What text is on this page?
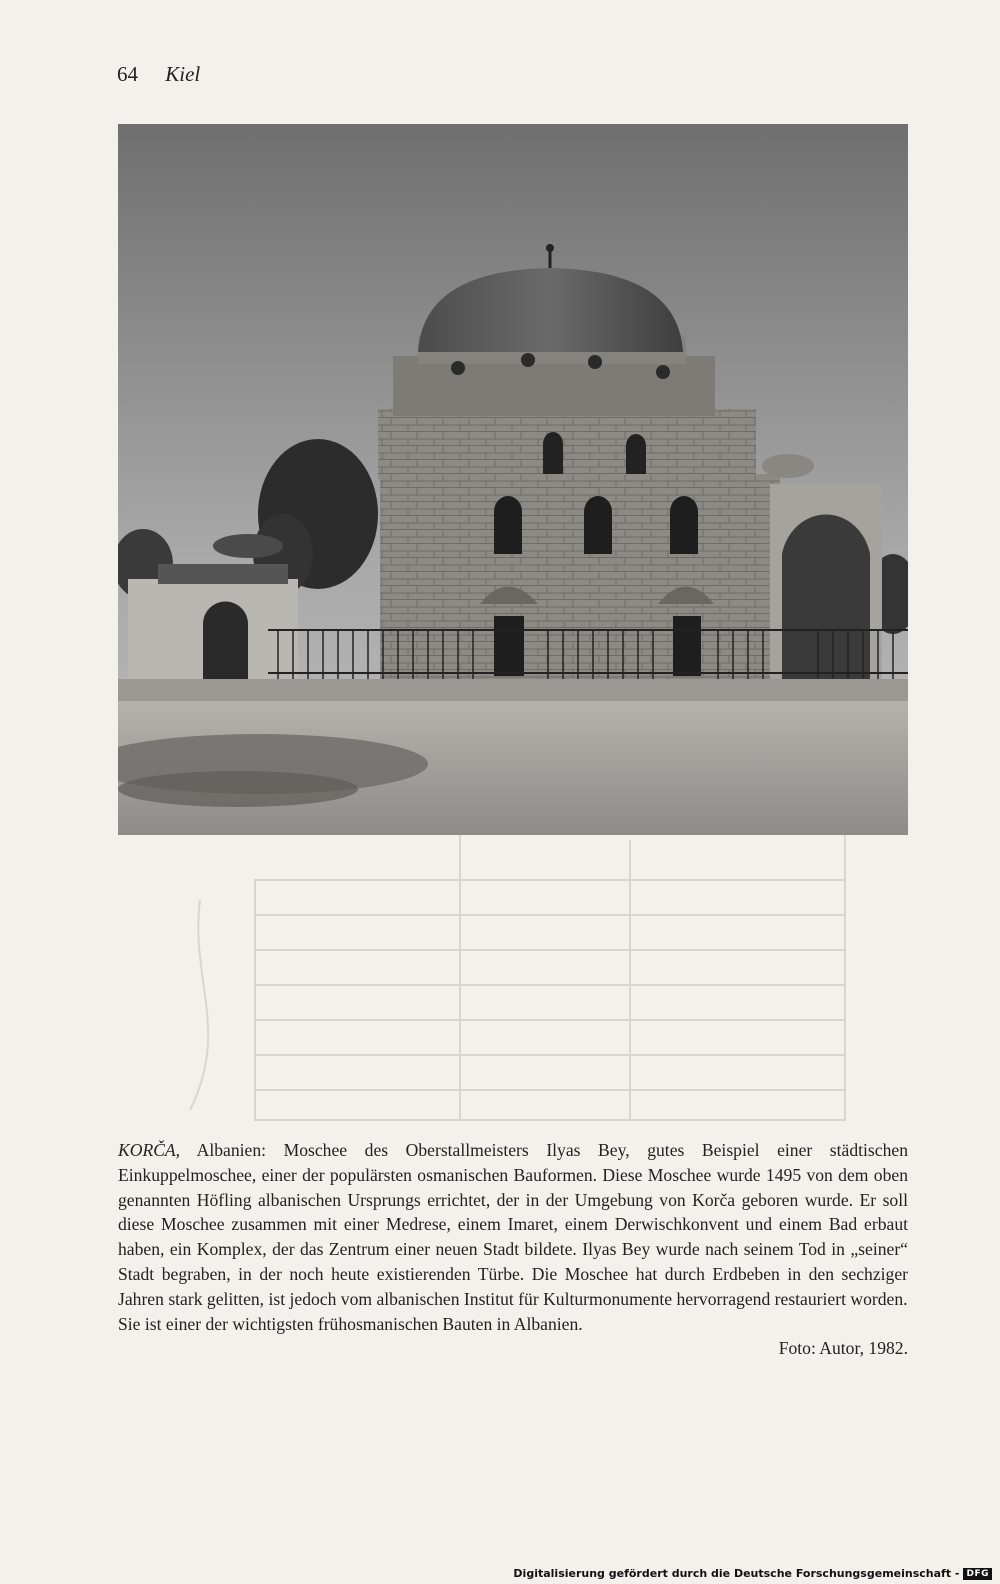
64 Kiel

KORČA, Albanien: Moschee des Oberstallmeisters Ilyas Bey, gutes Beispiel einer städtischen Einkuppelmoschee, einer der populärsten osmanischen Bauformen. Diese Moschee wurde 1495 von dem oben genannten Höfling albanischen Ursprungs errichtet, der in der Umgebung von Korča geboren wurde. Er soll diese Moschee zusammen mit einer Medrese, einem Imaret, einem Derwischkonvent und einem Bad erbaut haben, ein Komplex, der das Zentrum einer neuen Stadt bildete. Ilyas Bey wurde nach seinem Tod in „seiner“ Stadt begraben, in der noch heute existierenden Türbe. Die Moschee hat durch Erdbeben in den sechziger Jahren stark gelitten, ist jedoch vom albanischen Institut für Kulturmonumente hervorragend restauriert worden.

Sie ist einer der wichtigsten frühosmanischen Bauten in Albanien.

Foto: Autor, 1982.

Digitalisierung gefördert durch die Deutsche Forschungsgemeinschaft - DFG
